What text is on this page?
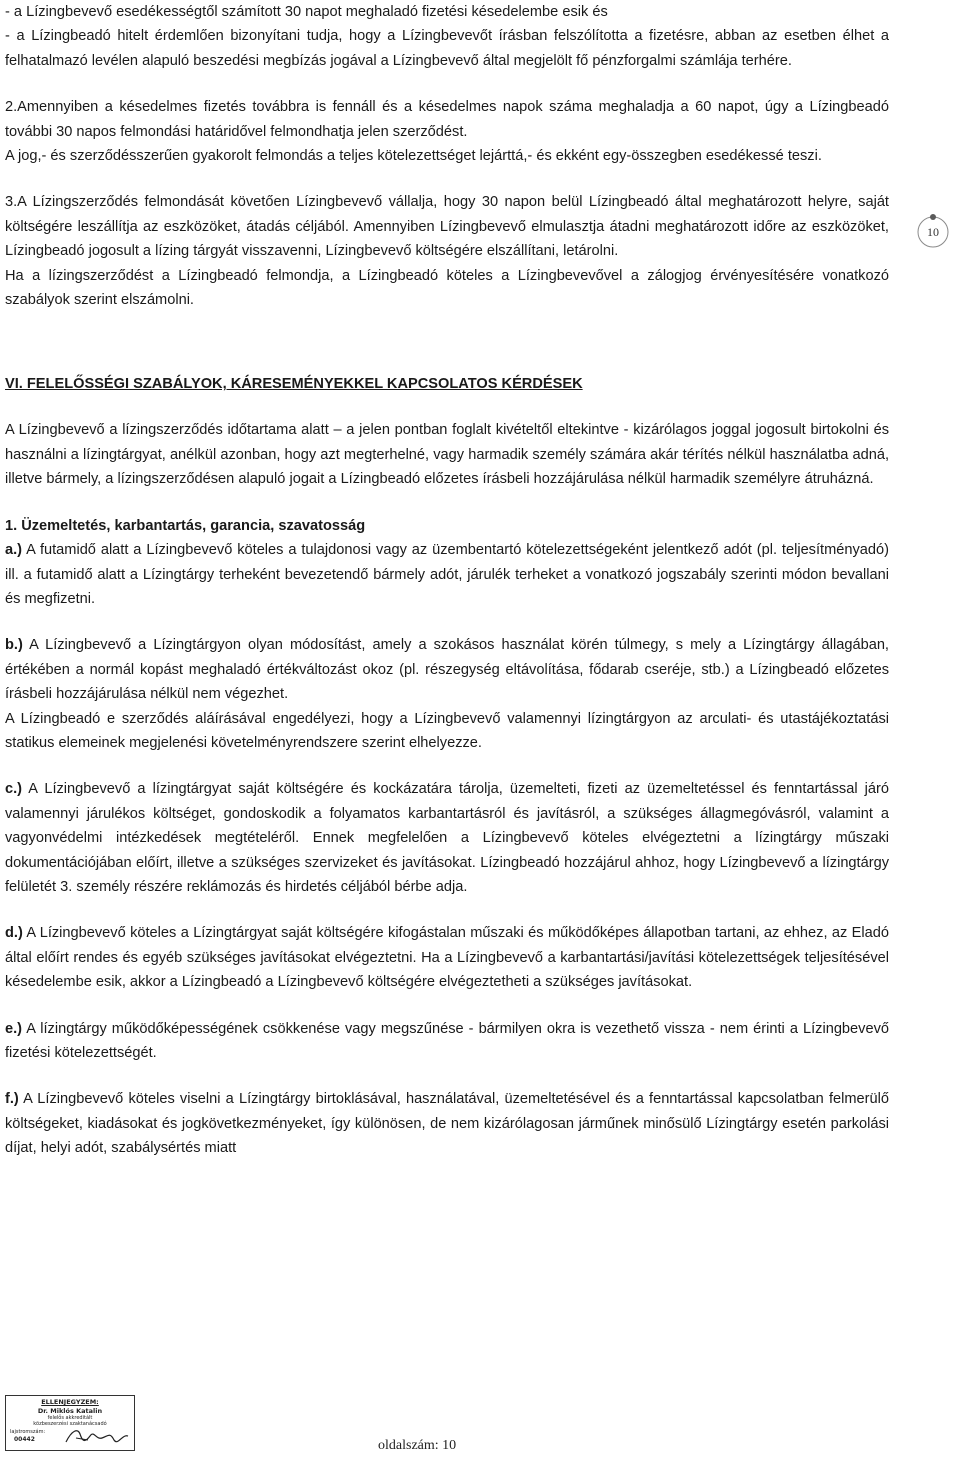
- a Lízingbevevő esedékességtől számított 30 napot meghaladó fizetési késedelembe esik és

- a Lízingbeadó hitelt érdemlően bizonyítani tudja, hogy a Lízingbevevőt írásban felszólította a fizetésre, abban az esetben élhet a felhatalmazó levélen alapuló beszedési megbízás jogával a Lízingbevevő által megjelölt fő pénzforgalmi számlája terhére.

2.Amennyiben a késedelmes fizetés továbbra is fennáll és a késedelmes napok száma meghaladja a 60 napot, úgy a Lízingbeadó további 30 napos felmondási határidővel felmondhatja jelen szerződést.

A jog,- és szerződésszerűen gyakorolt felmondás a teljes kötelezettséget lejárttá,- és ekként egy-összegben esedékessé teszi.

3.A Lízingszerződés felmondását követően Lízingbevevő vállalja, hogy 30 napon belül Lízingbeadó által meghatározott helyre, saját költségére leszállítja az eszközöket, átadás céljából. Amennyiben Lízingbevevő elmulasztja átadni meghatározott időre az eszközöket, Lízingbeadó jogosult a lízing tárgyát visszavenni, Lízingbevevő költségére elszállítani, letárolni.

Ha a lízingszerződést a Lízingbeadó felmondja, a Lízingbeadó köteles a Lízingbevevővel a zálogjog érvényesítésére vonatkozó szabályok szerint elszámolni.

VI. FELELŐSSÉGI SZABÁLYOK, KÁRESEMÉNYEKKEL KAPCSOLATOS KÉRDÉSEK

A Lízingbevevő a lízingszerződés időtartama alatt – a jelen pontban foglalt kivételtől eltekintve - kizárólagos joggal jogosult birtokolni és használni a lízingtárgyat, anélkül azonban, hogy azt megterhelné, vagy harmadik személy számára akár térítés nélkül használatba adná, illetve bármely, a lízingszerződésen alapuló jogait a Lízingbeadó előzetes írásbeli hozzájárulása nélkül harmadik személyre átruházná.

1. Üzemeltetés, karbantartás, garancia, szavatosság

a.) A futamidő alatt a Lízingbevevő köteles a tulajdonosi vagy az üzembentartó kötelezettségeként jelentkező adót (pl. teljesítményadó) ill. a futamidő alatt a Lízingtárgy terheként bevezetendő bármely adót, járulék terheket a vonatkozó jogszabály szerinti módon bevallani és megfizetni.

b.) A Lízingbevevő a Lízingtárgyon olyan módosítást, amely a szokásos használat körén túlmegy, s mely a Lízingtárgy állagában, értékében a normál kopást meghaladó értékváltozást okoz (pl. részegység eltávolítása, fődarab cseréje, stb.) a Lízingbeadó előzetes írásbeli hozzájárulása nélkül nem végezhet.

A Lízingbeadó e szerződés aláírásával engedélyezi, hogy a Lízingbevevő valamennyi lízingtárgyon az arculati- és utastájékoztatási statikus elemeinek megjelenési követelményrendszere szerint elhelyezze.

c.) A Lízingbevevő a lízingtárgyat saját költségére és kockázatára tárolja, üzemelteti, fizeti az üzemeltetéssel és fenntartással járó valamennyi járulékos költséget, gondoskodik a folyamatos karbantartásról és javításról, a szükséges állagmegóvásról, valamint a vagyonvédelmi intézkedések megtételéről. Ennek megfelelően a Lízingbevevő köteles elvégeztetni a lízingtárgy műszaki dokumentációjában előírt, illetve a szükséges szervizeket és javításokat. Lízingbeadó hozzájárul ahhoz, hogy Lízingbevevő a lízingtárgy felületét 3. személy részére reklámozás és hirdetés céljából bérbe adja.

d.) A Lízingbevevő köteles a Lízingtárgyat saját költségére kifogástalan műszaki és működőképes állapotban tartani, az ehhez, az Eladó által előírt rendes és egyéb szükséges javításokat elvégeztetni. Ha a Lízingbevevő a karbantartási/javítási kötelezettségek teljesítésével késedelembe esik, akkor a Lízingbeadó a Lízingbevevő költségére elvégeztetheti a szükséges javításokat.

e.) A lízingtárgy működőképességének csökkenése vagy megszűnése - bármilyen okra is vezethető vissza - nem érinti a Lízingbevevő fizetési kötelezettségét.

f.) A Lízingbevevő köteles viselni a Lízingtárgy birtoklásával, használatával, üzemeltetésével és a fenntartással kapcsolatban felmerülő költségeket, kiadásokat és jogkövetkezményeket, így különösen, de nem kizárólagosan járműnek minősülő Lízingtárgy esetén parkolási díjat, helyi adót, szabálysértés miatt

10
ELLENJEGYZEM:
Dr. Miklós Katalin
felelős akkreditált
közbeszerzési szaktanácsadó
lajstromszám:
00442	oldalszám: 10
